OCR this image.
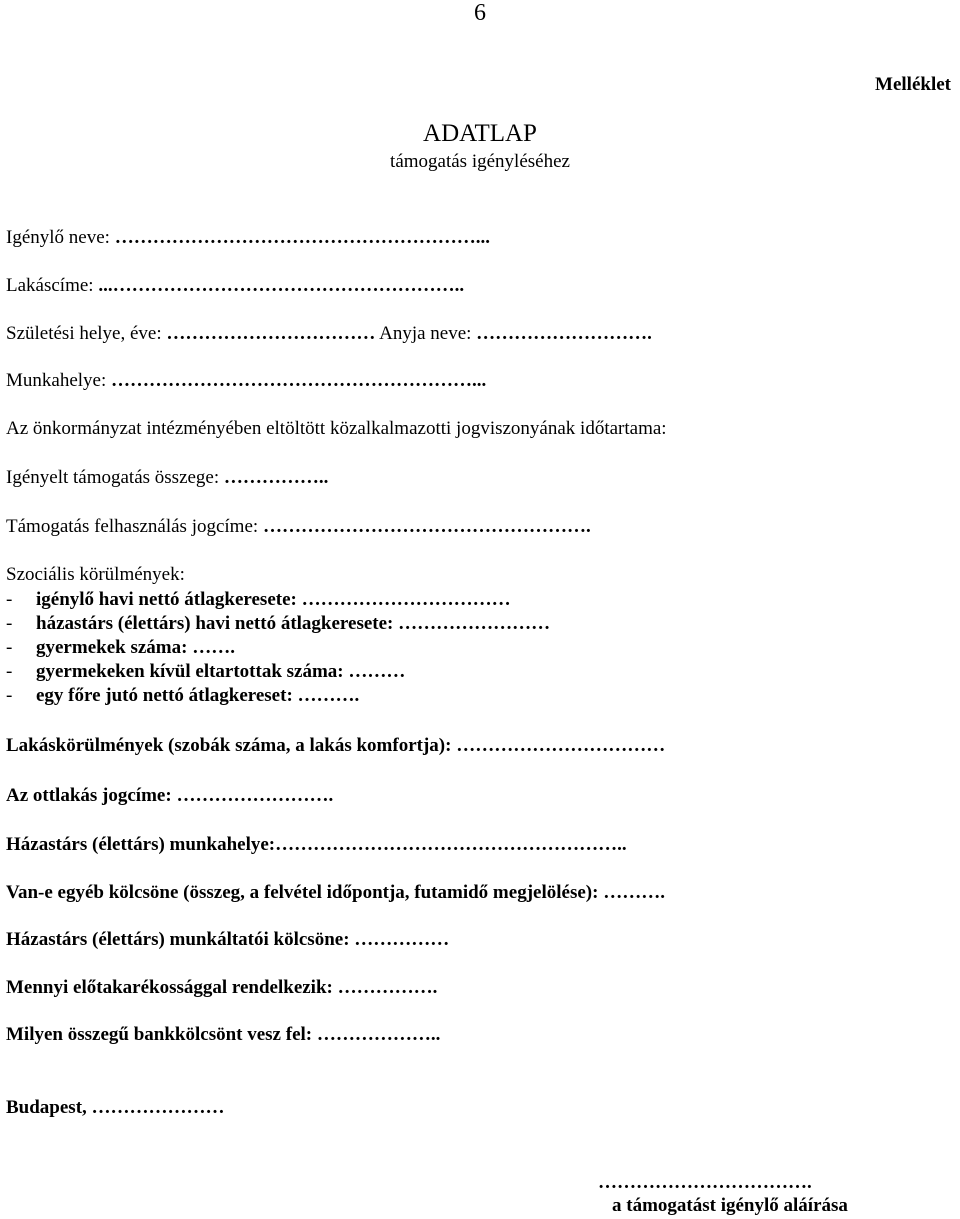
6
Melléklet
ADATLAP
támogatás igényléséhez
Igénylő neve: …………………………………………………...
Lakáscíme: ...………………………………………………..
Születési helye, éve: …………………………… Anyja neve: ……………………….
Munkahelye: …………………………………………………...
Az önkormányzat intézményében eltöltött közalkalmazotti jogviszonyának időtartama:
Igényelt támogatás összege: ……………..
Támogatás felhasználás jogcíme: …………………………………………….
Szociális körülmények:
- igénylő havi nettó átlagkeresete: ……………………………
- házastárs (élettárs) havi nettó átlagkeresete: ……………………
- gyermekek száma: …….
- gyermekeken kívül eltartottak száma: ………
- egy főre jutó nettó átlagkereset: ……….
Lakáskörülmények (szobák száma, a lakás komfortja): ……………………………
Az ottlakás jogcíme: …………………….
Házastárs (élettárs) munkahelye:………………………………………………..
Van-e egyéb kölcsöne (összeg, a felvétel időpontja, futamidő megjelölése): ……….
Házastárs (élettárs) munkáltatói kölcsöne: ……………
Mennyi előtakarékossággal rendelkezik: …………….
Milyen összegű bankkölcsönt vesz fel: ………………..
Budapest, …………………
…………………………….
a támogatást igénylő aláírása
